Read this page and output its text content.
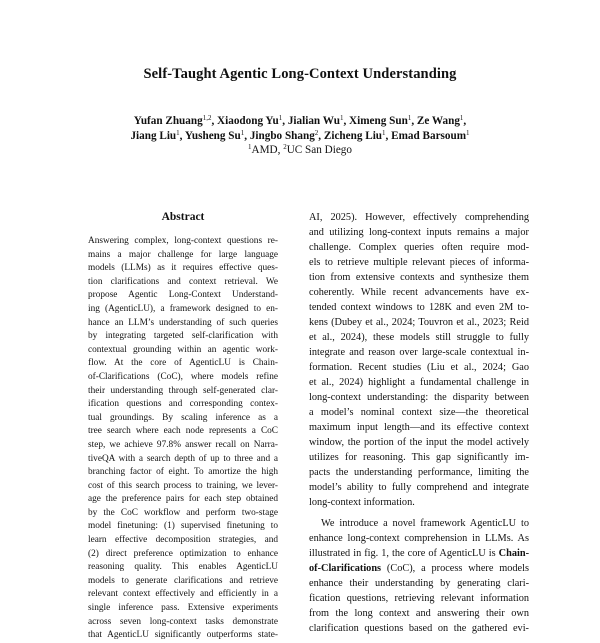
Self-Taught Agentic Long-Context Understanding
Yufan Zhuang$^{1,2}$, Xiaodong Yu$^1$, Jialian Wu$^1$, Ximeng Sun$^1$, Ze Wang$^1$,
Jiang Liu$^1$, Yusheng Su$^1$, Jingbo Shang$^2$, Zicheng Liu$^1$, Emad Barsoum$^1$
$^1$AMD, $^2$UC San Diego
Abstract
Answering complex, long-context questions re-
mains a major challenge for large language
models (LLMs) as it requires effective ques-
tion clarifications and context retrieval. We
propose Agentic Long-Context Understand-
ing (AgenticLU), a framework designed to en-
hance an LLM’s understanding of such queries
by integrating targeted self-clarification with
contextual grounding within an agentic work-
flow. At the core of AgenticLU is Chain-
of-Clarifications (CoC), where models refine
their understanding through self-generated clar-
ification questions and corresponding contex-
tual groundings. By scaling inference as a
tree search where each node represents a CoC
step, we achieve 97.8% answer recall on Narra-
tiveQA with a search depth of up to three and a
branching factor of eight. To amortize the high
cost of this search process to training, we lever-
age the preference pairs for each step obtained
by the CoC workflow and perform two-stage
model finetuning: (1) supervised finetuning to
learn effective decomposition strategies, and
(2) direct preference optimization to enhance
reasoning quality. This enables AgenticLU
models to generate clarifications and retrieve
relevant context effectively and efficiently in a
single inference pass. Extensive experiments
across seven long-context tasks demonstrate
that AgenticLU significantly outperforms state-
AI, 2025). However, effectively comprehending
and utilizing long-context inputs remains a major
challenge. Complex queries often require mod-
els to retrieve multiple relevant pieces of informa-
tion from extensive contexts and synthesize them
coherently. While recent advancements have ex-
tended context windows to 128K and even 2M to-
kens (Dubey et al., 2024; Touvron et al., 2023; Reid
et al., 2024), these models still struggle to fully
integrate and reason over large-scale contextual in-
formation. Recent studies (Liu et al., 2024; Gao
et al., 2024) highlight a fundamental challenge in
long-context understanding: the disparity between
a model’s nominal context size—the theoretical
maximum input length—and its effective context
window, the portion of the input the model actively
utilizes for reasoning. This gap significantly im-
pacts the understanding performance, limiting the
model’s ability to fully comprehend and integrate
long-context information.
We introduce a novel framework AgenticLU to
enhance long-context comprehension in LLMs. As
illustrated in fig. 1, the core of AgenticLU is Chain-
of-Clarifications (CoC), a process where models
enhance their understanding by generating clari-
fication questions, retrieving relevant information
from the long context and answering their own
clarification questions based on the gathered evi-
